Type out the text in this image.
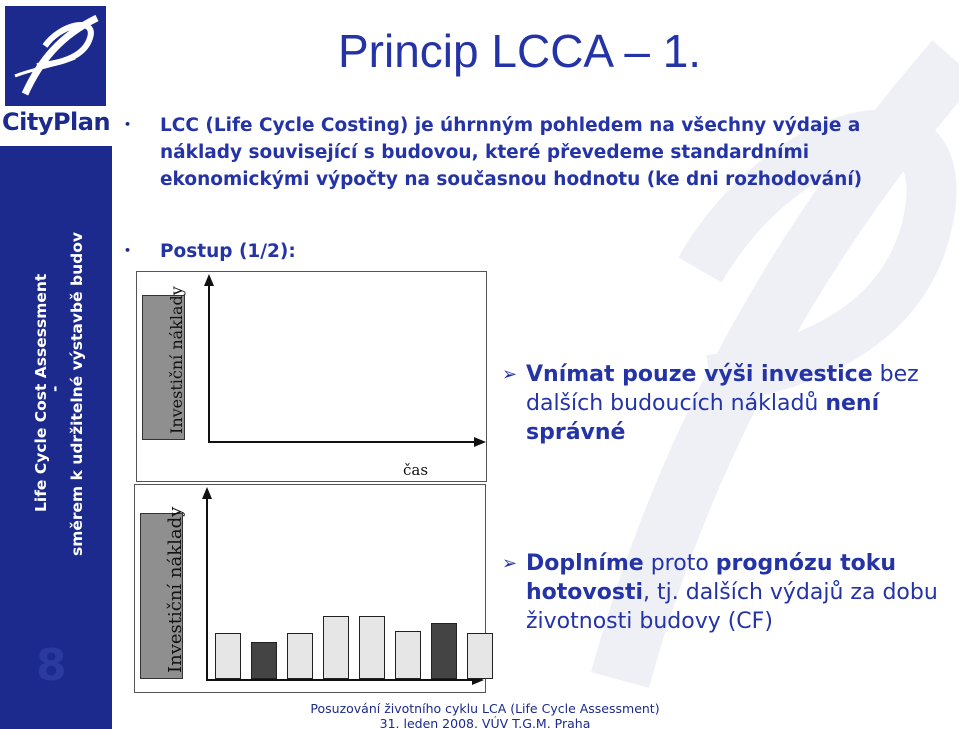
CityPlan
Life Cycle Cost Assessment
- směrem k udržitelné výstavbě budov
8
Princip LCCA – 1.
• LCC (Life Cycle Costing) je úhrnným pohledem na všechny výdaje a náklady související s budovou, které převedeme standardními ekonomickými výpočty na současnou hodnotu (ke dni rozhodování)
• Postup (1/2):
Investiční náklady
čas
Investiční náklady
➢ Vnímat pouze výši investice bez dalších budoucích nákladů není správné
➢ Doplníme proto prognózu toku hotovosti, tj. dalších výdajů za dobu životnosti budovy (CF)
Posuzování životního cyklu LCA (Life Cycle Assessment)
31. leden 2008. VÚV T.G.M. Praha
